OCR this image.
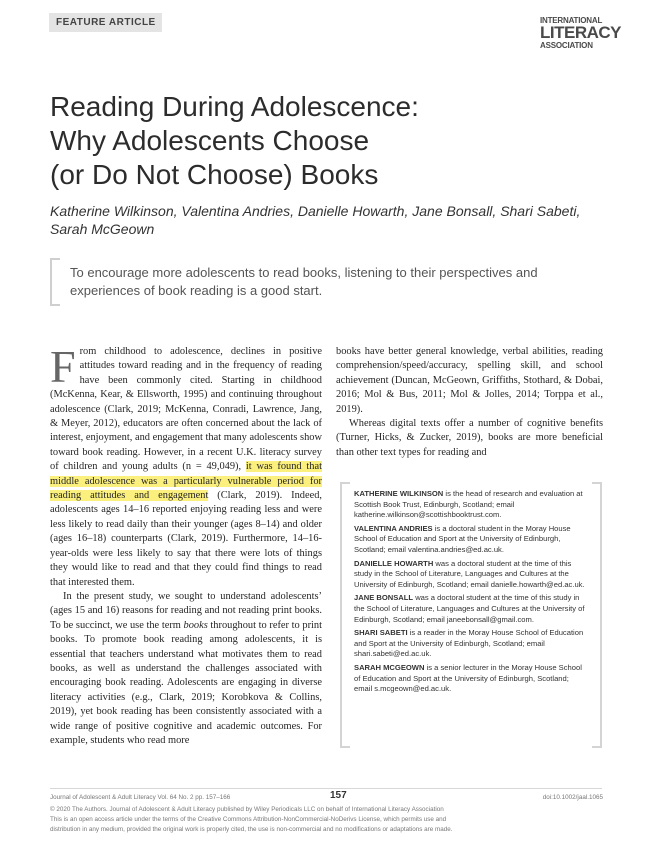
FEATURE ARTICLE	INTERNATIONAL
LITERACY
ASSOCIATION
Reading During Adolescence:
Why Adolescents Choose
(or Do Not Choose) Books
Katherine Wilkinson, Valentina Andries, Danielle Howarth, Jane Bonsall, Shari Sabeti, Sarah McGeown
To encourage more adolescents to read books, listening to their perspectives and experiences of book reading is a good start.

From childhood to adolescence, declines in positive attitudes toward reading and in the frequency of reading have been commonly cited. Starting in childhood (McKenna, Kear, & Ellsworth, 1995) and continuing throughout adolescence (Clark, 2019; McKenna, Conradi, Lawrence, Jang, & Meyer, 2012), educators are often concerned about the lack of interest, enjoyment, and engagement that many adolescents show toward book reading. However, in a recent U.K. literacy survey of children and young adults (n = 49,049), it was found that middle adolescence was a particularly vulnerable period for reading attitudes and engagement (Clark, 2019). Indeed, adolescents ages 14–16 reported enjoying reading less and were less likely to read daily than their younger (ages 8–14) and older (ages 16–18) counterparts (Clark, 2019). Furthermore, 14–16-year-olds were less likely to say that there were lots of things they would like to read and that they could find things to read that interested them.

In the present study, we sought to understand adolescents’ (ages 15 and 16) reasons for reading and not reading print books. To be succinct, we use the term books throughout to refer to print books. To promote book reading among adolescents, it is essential that teachers understand what motivates them to read books, as well as understand the challenges associated with encouraging book reading. Adolescents are engaging in diverse literacy activities (e.g., Clark, 2019; Korobkova & Collins, 2019), yet book reading has been consistently associated with a wide range of positive cognitive and academic outcomes. For example, students who read more

books have better general knowledge, verbal abilities, reading comprehension/speed/accuracy, spelling skill, and school achievement (Duncan, McGeown, Griffiths, Stothard, & Dobai, 2016; Mol & Bus, 2011; Mol & Jolles, 2014; Torppa et al., 2019).

Whereas digital texts offer a number of cognitive benefits (Turner, Hicks, & Zucker, 2019), books are more beneficial than other text types for reading and

KATHERINE WILKINSON is the head of research and evaluation at Scottish Book Trust, Edinburgh, Scotland; email katherine.wilkinson@scottishbooktrust.com.
VALENTINA ANDRIES is a doctoral student in the Moray House School of Education and Sport at the University of Edinburgh, Scotland; email valentina.andries@ed.ac.uk.
DANIELLE HOWARTH was a doctoral student at the time of this study in the School of Literature, Languages and Cultures at the University of Edinburgh, Scotland; email danielle.howarth@ed.ac.uk.
JANE BONSALL was a doctoral student at the time of this study in the School of Literature, Languages and Cultures at the University of Edinburgh, Scotland; email janeebonsall@gmail.com.
SHARI SABETI is a reader in the Moray House School of Education and Sport at the University of Edinburgh, Scotland; email shari.sabeti@ed.ac.uk.
SARAH MCGEOWN is a senior lecturer in the Moray House School of Education and Sport at the University of Edinburgh, Scotland; email s.mcgeown@ed.ac.uk.
Journal of Adolescent & Adult Literacy Vol. 64 No. 2 pp. 157–166	157	doi:10.1002/jaal.1065
© 2020 The Authors. Journal of Adolescent & Adult Literacy published by Wiley Periodicals LLC on behalf of International Literacy Association
This is an open access article under the terms of the Creative Commons Attribution-NonCommercial-NoDerivs License, which permits use and
distribution in any medium, provided the original work is properly cited, the use is non-commercial and no modifications or adaptations are made.
